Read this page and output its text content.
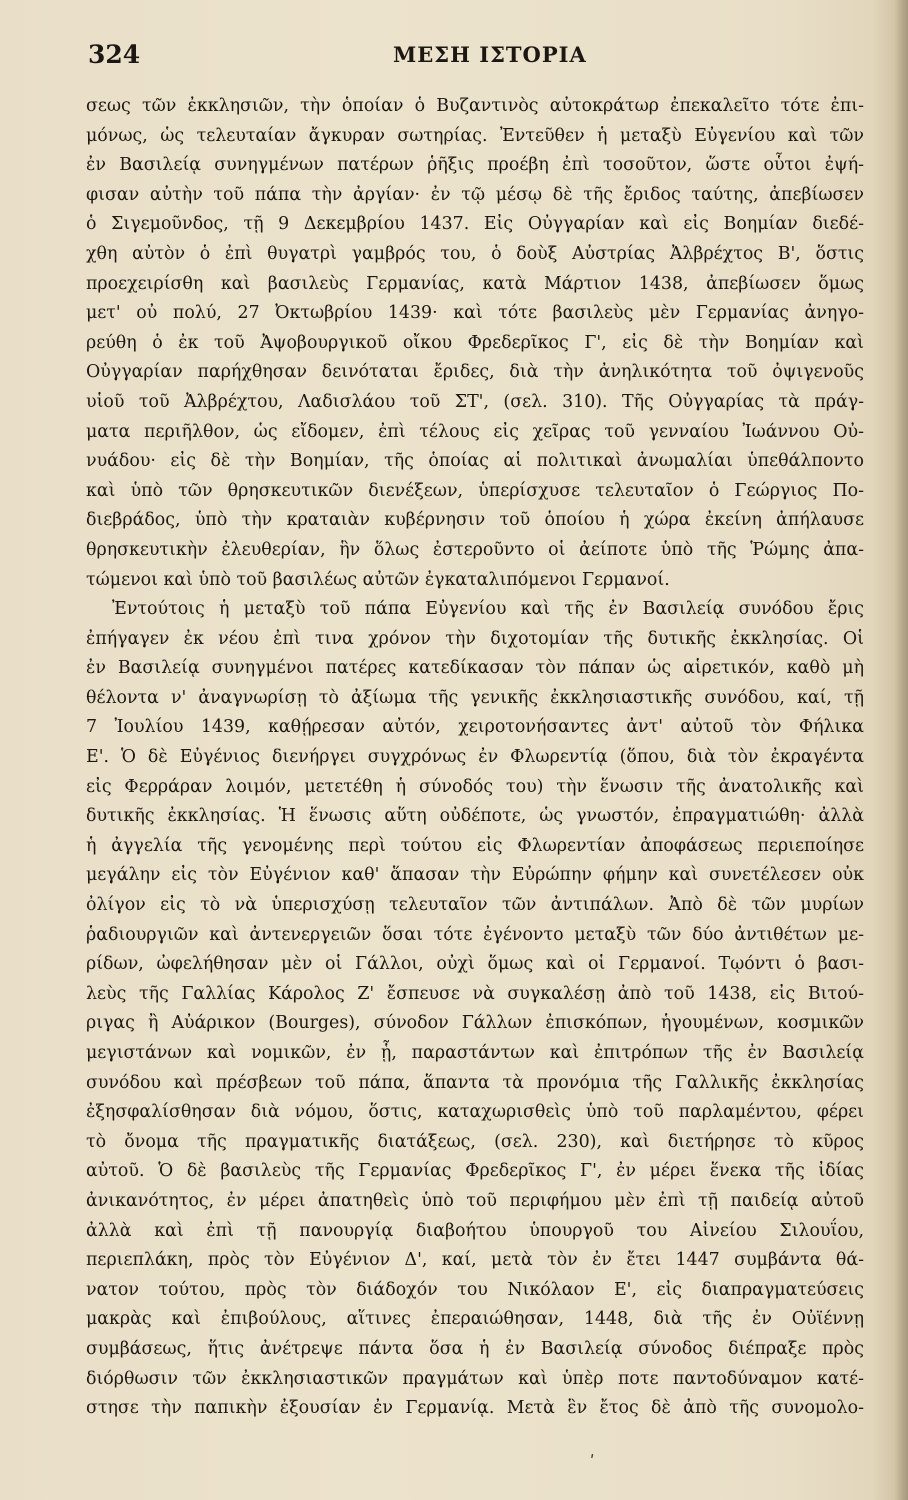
324	ΜΕΣΗ ΙΣΤΟΡΙΑ
σεως τῶν ἐκκλησιῶν, τὴν ὁποίαν ὁ Βυζαντινὸς αὐτοκράτωρ ἐπεκαλεῖτο τότε ἐπι-
μόνως, ὡς τελευταίαν ἄγκυραν σωτηρίας. Ἐντεῦθεν ἡ μεταξὺ Εὐγενίου καὶ τῶν
ἐν Βασιλείᾳ συνηγμένων πατέρων ῥῆξις προέβη ἐπὶ τοσοῦτον, ὥστε οὗτοι ἐψή-
φισαν αὐτὴν τοῦ πάπα τὴν ἀργίαν· ἐν τῷ μέσῳ δὲ τῆς ἔριδος ταύτης, ἀπεβίωσεν
ὁ Σιγεμοῦνδος, τῇ 9 Δεκεμβρίου 1437. Εἰς Οὐγγαρίαν καὶ εἰς Βοημίαν διεδέ-
χθη αὐτὸν ὁ ἐπὶ θυγατρὶ γαμβρός του, ὁ δοὺξ Αὐστρίας Ἀλβρέχτος Β', ὅστις
προεχειρίσθη καὶ βασιλεὺς Γερμανίας, κατὰ Μάρτιον 1438, ἀπεβίωσεν ὅμως
μετ' οὐ πολύ, 27 Ὀκτωβρίου 1439· καὶ τότε βασιλεὺς μὲν Γερμανίας ἀνηγο-
ρεύθη ὁ ἐκ τοῦ Ἀψοβουργικοῦ οἴκου Φρεδερῖκος Γ', εἰς δὲ τὴν Βοημίαν καὶ
Οὐγγαρίαν παρήχθησαν δεινόταται ἔριδες, διὰ τὴν ἀνηλικότητα τοῦ ὀψιγενοῦς
υἱοῦ τοῦ Ἀλβρέχτου, Λαδισλάου τοῦ ΣΤ', (σελ. 310). Τῆς Οὐγγαρίας τὰ πράγ-
ματα περιῆλθον, ὡς εἴδομεν, ἐπὶ τέλους εἰς χεῖρας τοῦ γενναίου Ἰωάννου Οὐ-
νυάδου· εἰς δὲ τὴν Βοημίαν, τῆς ὁποίας αἱ πολιτικαὶ ἀνωμαλίαι ὑπεθάλποντο
καὶ ὑπὸ τῶν θρησκευτικῶν διενέξεων, ὑπερίσχυσε τελευταῖον ὁ Γεώργιος Πο-
διεβράδος, ὑπὸ τὴν κραταιὰν κυβέρνησιν τοῦ ὁποίου ἡ χώρα ἐκείνη ἀπήλαυσε
θρησκευτικὴν ἐλευθερίαν, ἣν ὅλως ἐστεροῦντο οἱ ἀείποτε ὑπὸ τῆς Ῥώμης ἀπα-
τώμενοι καὶ ὑπὸ τοῦ βασιλέως αὐτῶν ἐγκαταλιπόμενοι Γερμανοί.
Ἐντούτοις ἡ μεταξὺ τοῦ πάπα Εὐγενίου καὶ τῆς ἐν Βασιλείᾳ συνόδου ἔρις
ἐπήγαγεν ἐκ νέου ἐπὶ τινα χρόνον τὴν διχοτομίαν τῆς δυτικῆς ἐκκλησίας. Οἱ
ἐν Βασιλείᾳ συνηγμένοι πατέρες κατεδίκασαν τὸν πάπαν ὡς αἱρετικόν, καθὸ μὴ
θέλοντα ν' ἀναγνωρίσῃ τὸ ἀξίωμα τῆς γενικῆς ἐκκλησιαστικῆς συνόδου, καί, τῇ
7 Ἰουλίου 1439, καθῄρεσαν αὐτόν, χειροτονήσαντες ἀντ' αὐτοῦ τὸν Φήλικα
Ε'. Ὁ δὲ Εὐγένιος διενήργει συγχρόνως ἐν Φλωρεντίᾳ (ὅπου, διὰ τὸν ἐκραγέντα
εἰς Φερράραν λοιμόν, μετετέθη ἡ σύνοδός του) τὴν ἕνωσιν τῆς ἀνατολικῆς καὶ
δυτικῆς ἐκκλησίας. Ἡ ἕνωσις αὕτη οὐδέποτε, ὡς γνωστόν, ἐπραγματιώθη· ἀλλὰ
ἡ ἀγγελία τῆς γενομένης περὶ τούτου εἰς Φλωρεντίαν ἀποφάσεως περιεποίησε
μεγάλην εἰς τὸν Εὐγένιον καθ' ἅπασαν τὴν Εὐρώπην φήμην καὶ συνετέλεσεν οὐκ
ὀλίγον εἰς τὸ νὰ ὑπερισχύσῃ τελευταῖον τῶν ἀντιπάλων. Ἀπὸ δὲ τῶν μυρίων
ῥαδιουργιῶν καὶ ἀντενεργειῶν ὅσαι τότε ἐγένοντο μεταξὺ τῶν δύο ἀντιθέτων με-
ρίδων, ὠφελήθησαν μὲν οἱ Γάλλοι, οὐχὶ ὅμως καὶ οἱ Γερμανοί. Τῳόντι ὁ βασι-
λεὺς τῆς Γαλλίας Κάρολος Ζ' ἔσπευσε νὰ συγκαλέσῃ ἀπὸ τοῦ 1438, εἰς Βιτού-
ριγας ἢ Αὐάρικον (Bourges), σύνοδον Γάλλων ἐπισκόπων, ἡγουμένων, κοσμικῶν
μεγιστάνων καὶ νομικῶν, ἐν ᾗ, παραστάντων καὶ ἐπιτρόπων τῆς ἐν Βασιλείᾳ
συνόδου καὶ πρέσβεων τοῦ πάπα, ἅπαντα τὰ προνόμια τῆς Γαλλικῆς ἐκκλησίας
ἐξησφαλίσθησαν διὰ νόμου, ὅστις, καταχωρισθεὶς ὑπὸ τοῦ παρλαμέντου, φέρει
τὸ ὄνομα τῆς πραγματικῆς διατάξεως, (σελ. 230), καὶ διετήρησε τὸ κῦρος
αὐτοῦ. Ὁ δὲ βασιλεὺς τῆς Γερμανίας Φρεδερῖκος Γ', ἐν μέρει ἕνεκα τῆς ἰδίας
ἀνικανότητος, ἐν μέρει ἀπατηθεὶς ὑπὸ τοῦ περιφήμου μὲν ἐπὶ τῇ παιδείᾳ αὐτοῦ
ἀλλὰ καὶ ἐπὶ τῇ πανουργίᾳ διαβοήτου ὑπουργοῦ του Αἰνείου Σιλουΐου,
περιεπλάκη, πρὸς τὸν Εὐγένιον Δ', καί, μετὰ τὸν ἐν ἔτει 1447 συμβάντα θά-
νατον τούτου, πρὸς τὸν διάδοχόν του Νικόλαον Ε', εἰς διαπραγματεύσεις
μακρὰς καὶ ἐπιβούλους, αἵτινες ἐπεραιώθησαν, 1448, διὰ τῆς ἐν Οὐϊέννῃ
συμβάσεως, ἥτις ἀνέτρεψε πάντα ὅσα ἡ ἐν Βασιλείᾳ σύνοδος διέπραξε πρὸς
διόρθωσιν τῶν ἐκκλησιαστικῶν πραγμάτων καὶ ὑπὲρ ποτε παντοδύναμον κατέ-
στησε τὴν παπικὴν ἐξουσίαν ἐν Γερμανίᾳ. Μετὰ ἓν ἔτος δὲ ἀπὸ τῆς συνομολο-
ʹ
